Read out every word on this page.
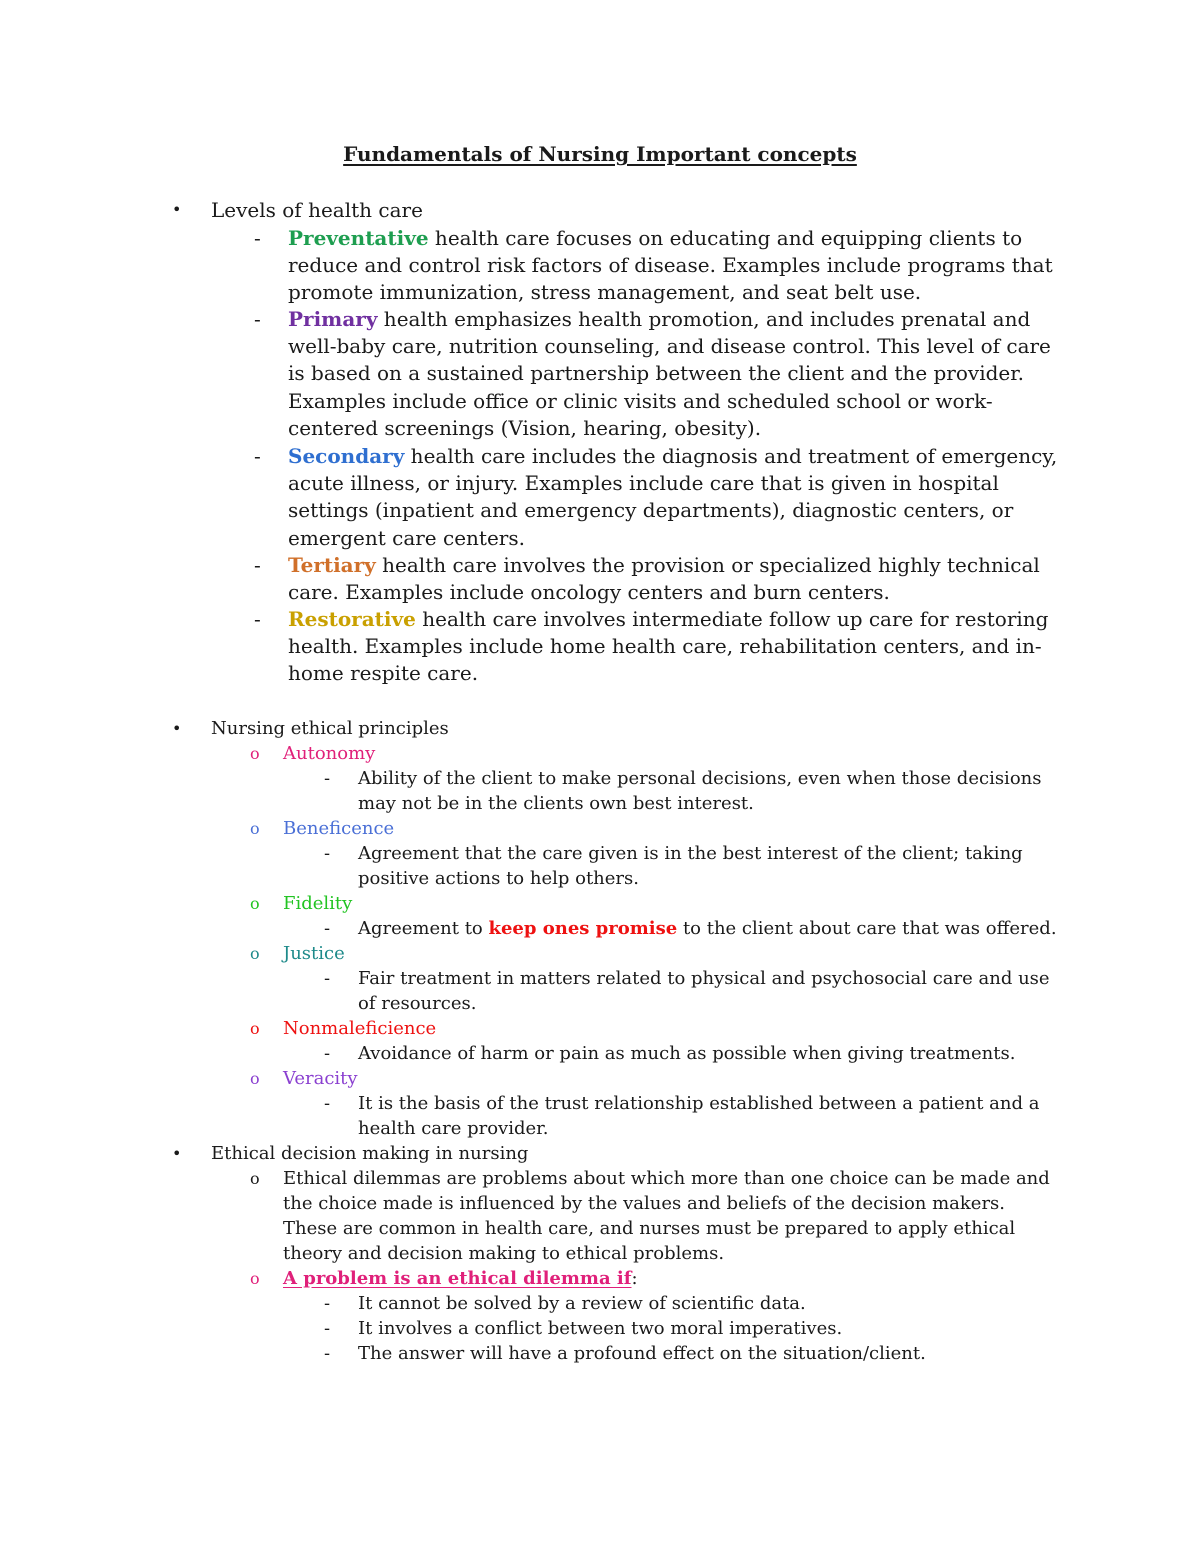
Fundamentals of Nursing Important concepts
• Levels of health care
- Preventative health care focuses on educating and equipping clients to reduce and control risk factors of disease. Examples include programs that promote immunization, stress management, and seat belt use.
- Primary health emphasizes health promotion, and includes prenatal and well-baby care, nutrition counseling, and disease control. This level of care is based on a sustained partnership between the client and the provider. Examples include office or clinic visits and scheduled school or work-centered screenings (Vision, hearing, obesity).
- Secondary health care includes the diagnosis and treatment of emergency, acute illness, or injury. Examples include care that is given in hospital settings (inpatient and emergency departments), diagnostic centers, or emergent care centers.
- Tertiary health care involves the provision or specialized highly technical care. Examples include oncology centers and burn centers.
- Restorative health care involves intermediate follow up care for restoring health. Examples include home health care, rehabilitation centers, and in-home respite care.
• Nursing ethical principles
o Autonomy
- Ability of the client to make personal decisions, even when those decisions may not be in the clients own best interest.
o Beneficence
- Agreement that the care given is in the best interest of the client; taking positive actions to help others.
o Fidelity
- Agreement to keep ones promise to the client about care that was offered.
o Justice
- Fair treatment in matters related to physical and psychosocial care and use of resources.
o Nonmaleficience
- Avoidance of harm or pain as much as possible when giving treatments.
o Veracity
- It is the basis of the trust relationship established between a patient and a health care provider.
• Ethical decision making in nursing
o Ethical dilemmas are problems about which more than one choice can be made and the choice made is influenced by the values and beliefs of the decision makers. These are common in health care, and nurses must be prepared to apply ethical theory and decision making to ethical problems.
o A problem is an ethical dilemma if:
- It cannot be solved by a review of scientific data.
- It involves a conflict between two moral imperatives.
- The answer will have a profound effect on the situation/client.
